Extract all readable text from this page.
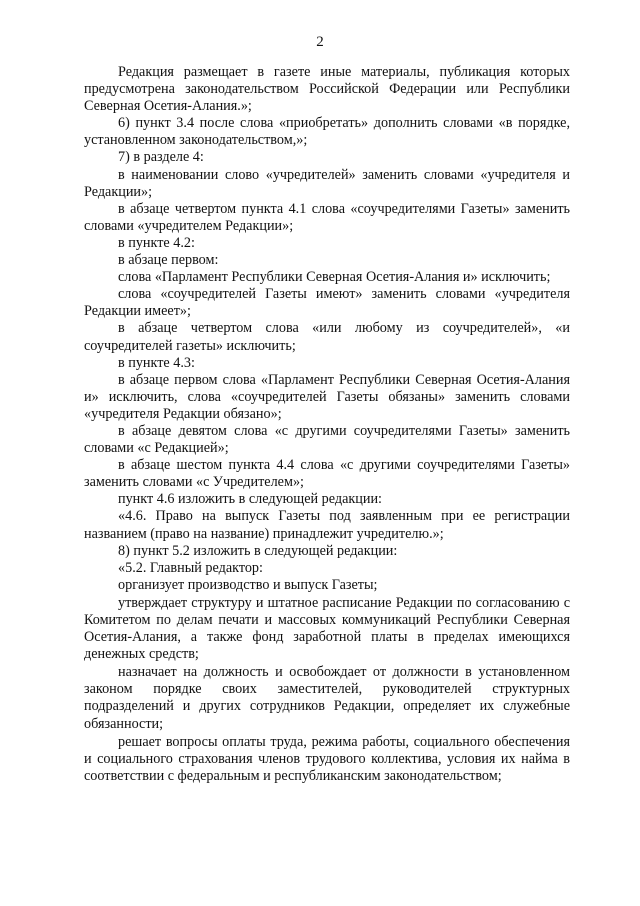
2

Редакция размещает в газете иные материалы, публикация которых предусмотрена законодательством Российской Федерации или Республики Северная Осетия-Алания.»;

6) пункт 3.4 после слова «приобретать» дополнить словами «в порядке, установленном законодательством,»;

7) в разделе 4:

в наименовании слово «учредителей» заменить словами «учредителя и Редакции»;

в абзаце четвертом пункта 4.1 слова «соучредителями Газеты» заменить словами «учредителем Редакции»;

в пункте 4.2:

в абзаце первом:

слова «Парламент Республики Северная Осетия-Алания и» исключить;

слова «соучредителей Газеты имеют» заменить словами «учредителя Редакции имеет»;

в абзаце четвертом слова «или любому из соучредителей», «и соучредителей газеты» исключить;

в пункте 4.3:

в абзаце первом слова «Парламент Республики Северная Осетия-Алания и» исключить, слова «соучредителей Газеты обязаны» заменить словами «учредителя Редакции обязано»;

в абзаце девятом слова «с другими соучредителями Газеты» заменить словами «с Редакцией»;

в абзаце шестом пункта 4.4 слова «с другими соучредителями Газеты» заменить словами «с Учредителем»;

пункт 4.6 изложить в следующей редакции:

«4.6. Право на выпуск Газеты под заявленным при ее регистрации названием (право на название) принадлежит учредителю.»;

8) пункт 5.2 изложить в следующей редакции:

«5.2. Главный редактор:

организует производство и выпуск Газеты;

утверждает структуру и штатное расписание Редакции по согласованию с Комитетом по делам печати и массовых коммуникаций Республики Северная Осетия-Алания, а также фонд заработной платы в пределах имеющихся денежных средств;

назначает на должность и освобождает от должности в установленном законом порядке своих заместителей, руководителей структурных подразделений и других сотрудников Редакции, определяет их служебные обязанности;

решает вопросы оплаты труда, режима работы, социального обеспечения и социального страхования членов трудового коллектива, условия их найма в соответствии с федеральным и республиканским законодательством;
